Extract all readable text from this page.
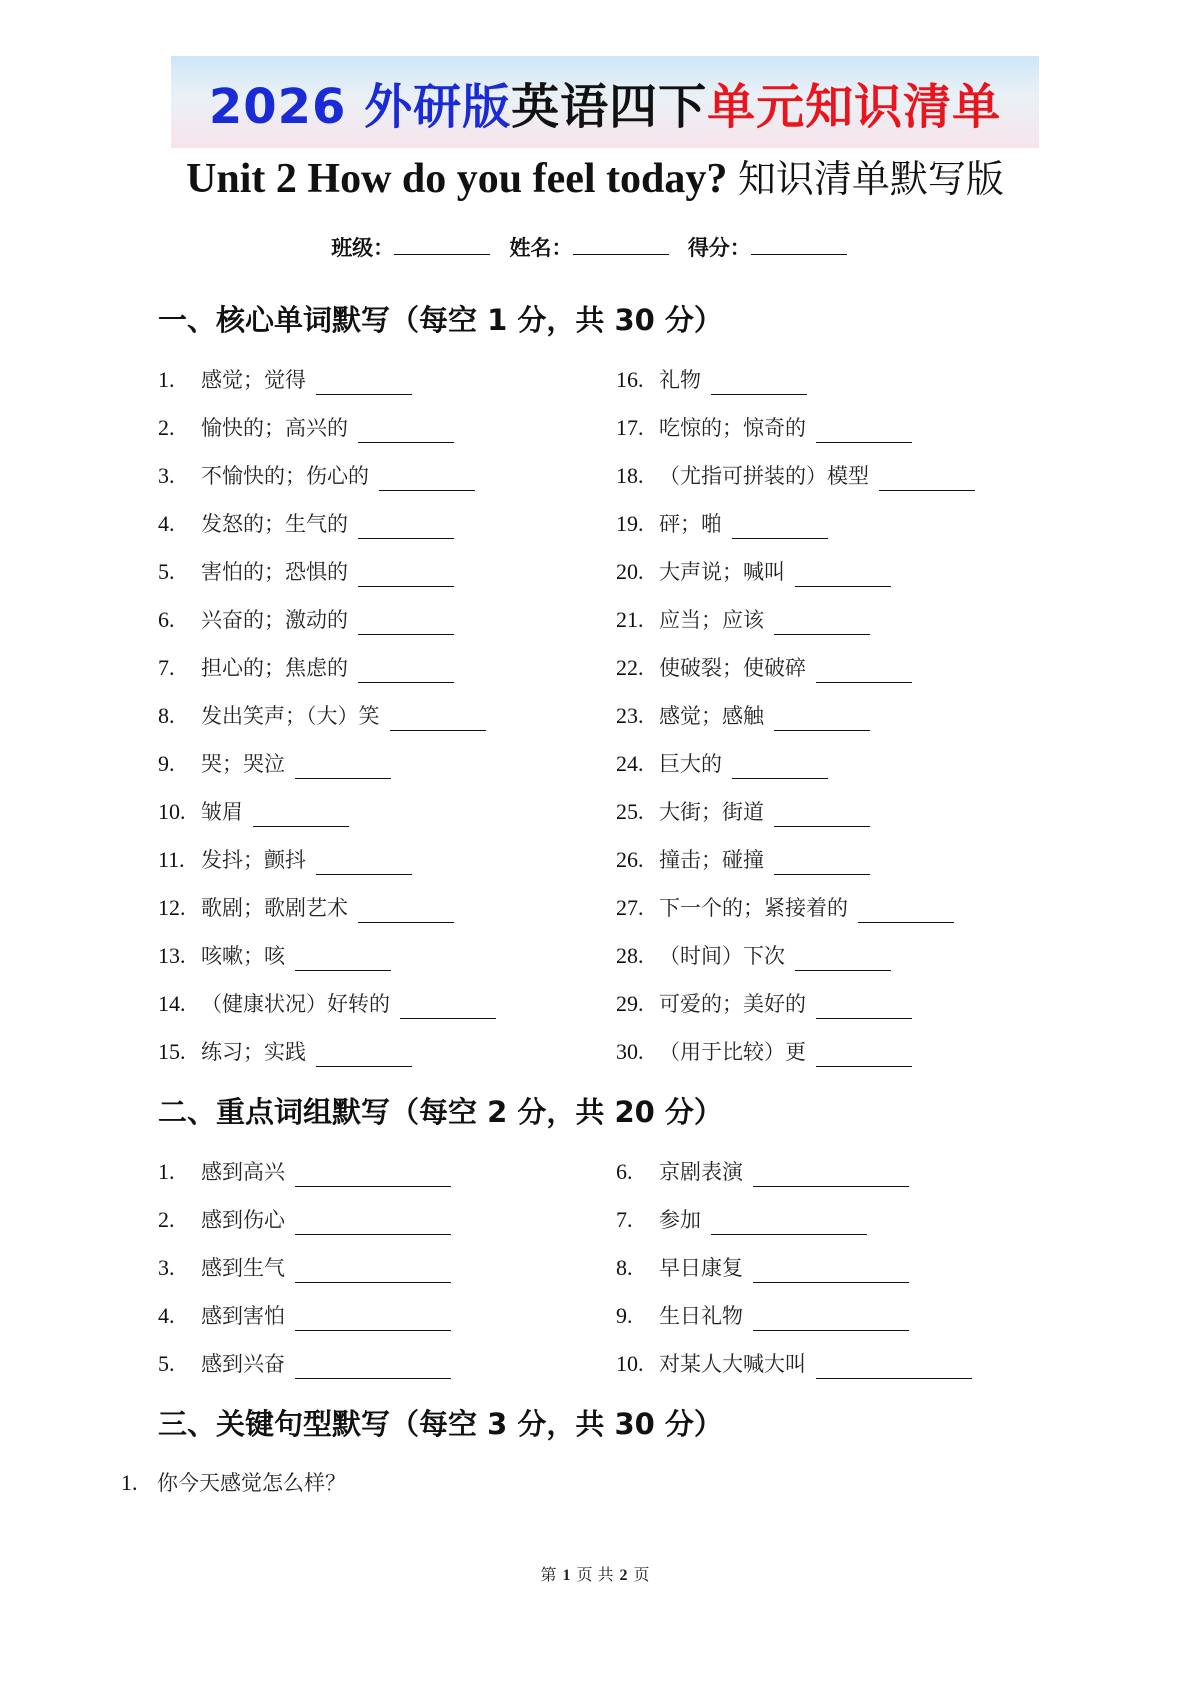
2026 外研版英语四下单元知识清单
Unit 2 How do you feel today? 知识清单默写版
班级：	姓名：	得分：
一、核心单词默写（每空 1 分，共 30 分）
1. 感觉；觉得
2. 愉快的；高兴的
3. 不愉快的；伤心的
4. 发怒的；生气的
5. 害怕的；恐惧的
6. 兴奋的；激动的
7. 担心的；焦虑的
8. 发出笑声；（大）笑
9. 哭；哭泣
10. 皱眉
11. 发抖；颤抖
12. 歌剧；歌剧艺术
13. 咳嗽；咳
14. （健康状况）好转的
15. 练习；实践
16. 礼物
17. 吃惊的；惊奇的
18. （尤指可拼装的）模型
19. 砰；啪
20. 大声说；喊叫
21. 应当；应该
22. 使破裂；使破碎
23. 感觉；感触
24. 巨大的
25. 大街；街道
26. 撞击；碰撞
27. 下一个的；紧接着的
28. （时间）下次
29. 可爱的；美好的
30. （用于比较）更
二、重点词组默写（每空 2 分，共 20 分）
1. 感到高兴
2. 感到伤心
3. 感到生气
4. 感到害怕
5. 感到兴奋
6. 京剧表演
7. 参加
8. 早日康复
9. 生日礼物
10. 对某人大喊大叫
三、关键句型默写（每空 3 分，共 30 分）
1. 你今天感觉怎么样？
第 1 页 共 2 页
